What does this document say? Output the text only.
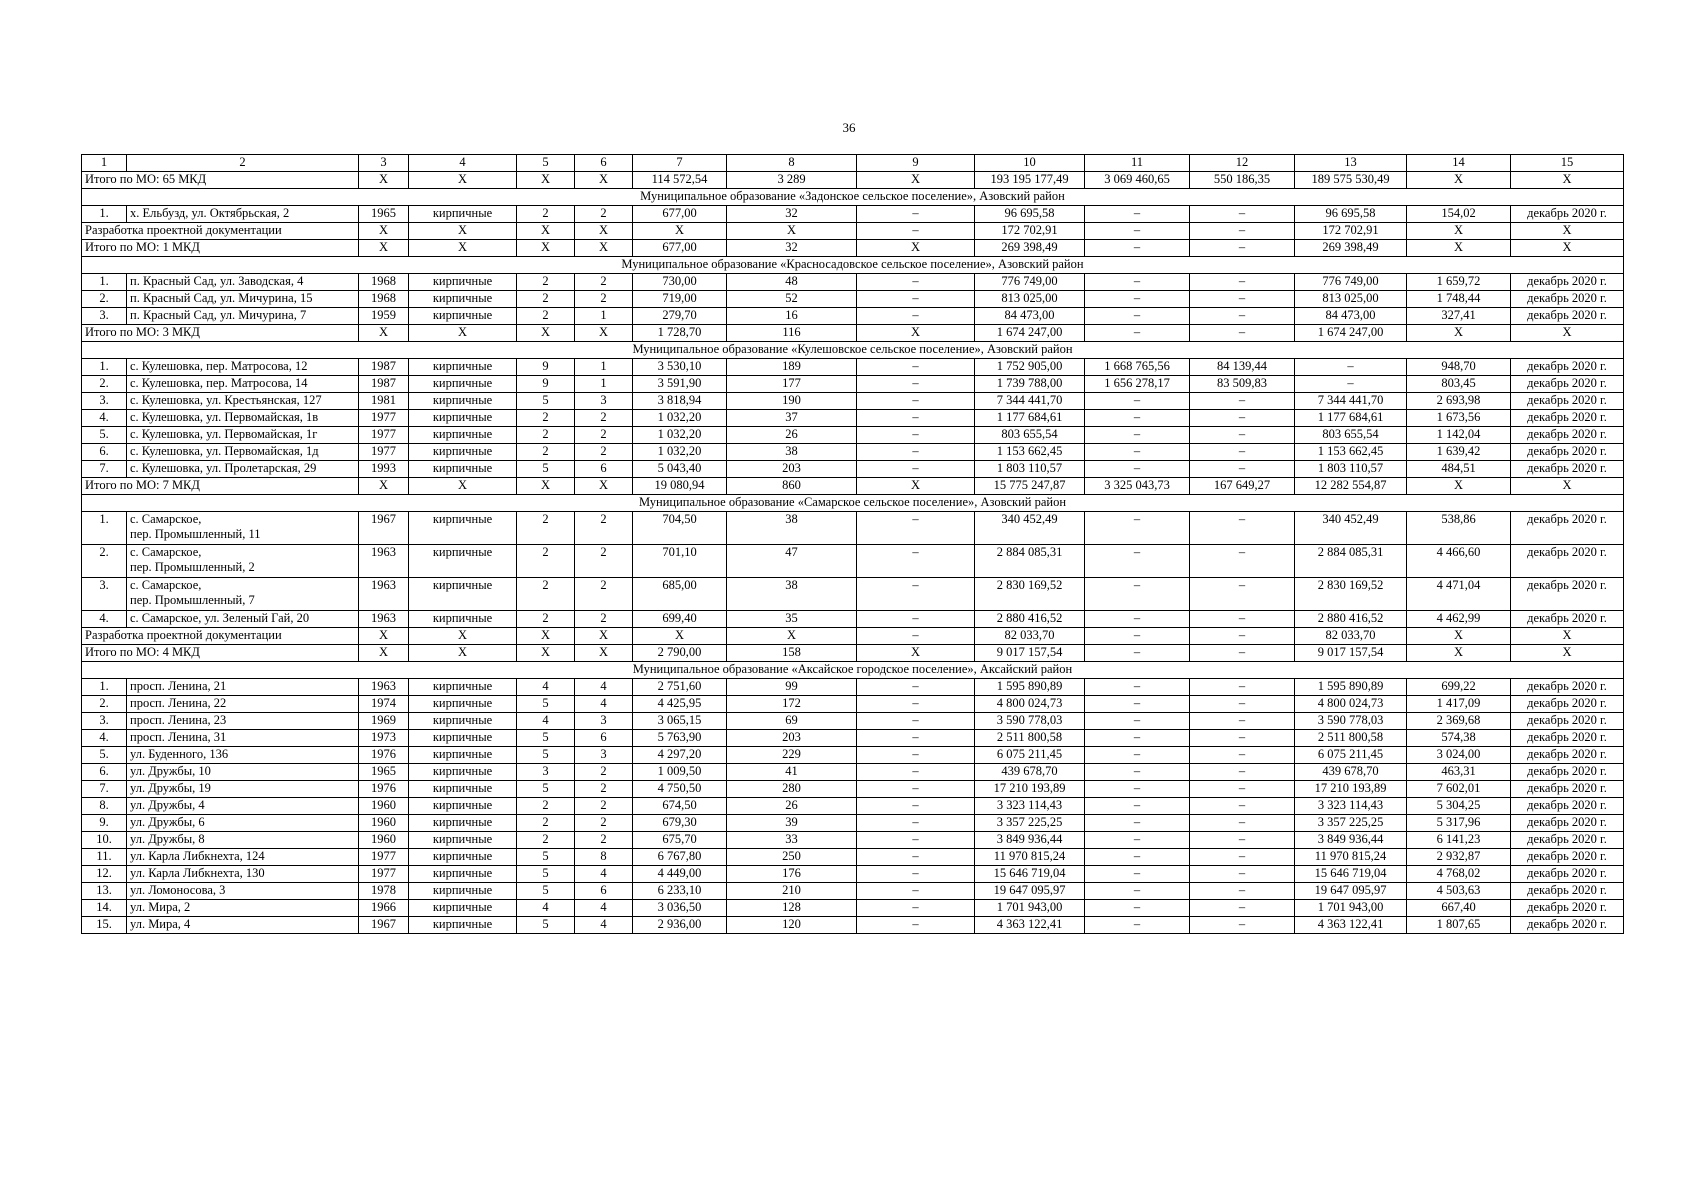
36
1	2	3	4	5	6	7	8	9	10	11	12	13	14	15
Итого по МО: 65 МКД		X	X	X	X	114 572,54	3 289	X	193 195 177,49	3 069 460,65	550 186,35	189 575 530,49	X	X
Муниципальное образование «Задонское сельское поселение», Азовский район														
1.	х. Ельбузд, ул. Октябрьская, 2	1965	кирпичные	2	2	677,00	32	–	96 695,58	–	–	96 695,58	154,02	декабрь 2020 г.
Разработка проектной документации		X	X	X	X	X	X	–	172 702,91	–	–	172 702,91	X	X
Итого по МО: 1 МКД		X	X	X	X	677,00	32	X	269 398,49	–	–	269 398,49	X	X
Муниципальное образование «Красносадовское сельское поселение», Азовский район														
1.	п. Красный Сад, ул. Заводская, 4	1968	кирпичные	2	2	730,00	48	–	776 749,00	–	–	776 749,00	1 659,72	декабрь 2020 г.
2.	п. Красный Сад, ул. Мичурина, 15	1968	кирпичные	2	2	719,00	52	–	813 025,00	–	–	813 025,00	1 748,44	декабрь 2020 г.
3.	п. Красный Сад, ул. Мичурина, 7	1959	кирпичные	2	1	279,70	16	–	84 473,00	–	–	84 473,00	327,41	декабрь 2020 г.
Итого по МО: 3 МКД		X	X	X	X	1 728,70	116	X	1 674 247,00	–	–	1 674 247,00	X	X
Муниципальное образование «Кулешовское сельское поселение», Азовский район														
1.	с. Кулешовка, пер. Матросова, 12	1987	кирпичные	9	1	3 530,10	189	–	1 752 905,00	1 668 765,56	84 139,44	–	948,70	декабрь 2020 г.
2.	с. Кулешовка, пер. Матросова, 14	1987	кирпичные	9	1	3 591,90	177	–	1 739 788,00	1 656 278,17	83 509,83	–	803,45	декабрь 2020 г.
3.	с. Кулешовка, ул. Крестьянская, 127	1981	кирпичные	5	3	3 818,94	190	–	7 344 441,70	–	–	7 344 441,70	2 693,98	декабрь 2020 г.
4.	с. Кулешовка, ул. Первомайская, 1в	1977	кирпичные	2	2	1 032,20	37	–	1 177 684,61	–	–	1 177 684,61	1 673,56	декабрь 2020 г.
5.	с. Кулешовка, ул. Первомайская, 1г	1977	кирпичные	2	2	1 032,20	26	–	803 655,54	–	–	803 655,54	1 142,04	декабрь 2020 г.
6.	с. Кулешовка, ул. Первомайская, 1д	1977	кирпичные	2	2	1 032,20	38	–	1 153 662,45	–	–	1 153 662,45	1 639,42	декабрь 2020 г.
7.	с. Кулешовка, ул. Пролетарская, 29	1993	кирпичные	5	6	5 043,40	203	–	1 803 110,57	–	–	1 803 110,57	484,51	декабрь 2020 г.
Итого по МО: 7 МКД		X	X	X	X	19 080,94	860	X	15 775 247,87	3 325 043,73	167 649,27	12 282 554,87	X	X
Муниципальное образование «Самарское сельское поселение», Азовский район														
1.	с. Самарское,
пер. Промышленный, 11	1967	кирпичные	2	2	704,50	38	–	340 452,49	–	–	340 452,49	538,86	декабрь 2020 г.
2.	с. Самарское,
пер. Промышленный, 2	1963	кирпичные	2	2	701,10	47	–	2 884 085,31	–	–	2 884 085,31	4 466,60	декабрь 2020 г.
3.	с. Самарское,
пер. Промышленный, 7	1963	кирпичные	2	2	685,00	38	–	2 830 169,52	–	–	2 830 169,52	4 471,04	декабрь 2020 г.
4.	с. Самарское, ул. Зеленый Гай, 20	1963	кирпичные	2	2	699,40	35	–	2 880 416,52	–	–	2 880 416,52	4 462,99	декабрь 2020 г.
Разработка проектной документации		X	X	X	X	X	X	–	82 033,70	–	–	82 033,70	X	X
Итого по МО: 4 МКД		X	X	X	X	2 790,00	158	X	9 017 157,54	–	–	9 017 157,54	X	X
Муниципальное образование «Аксайское городское поселение», Аксайский район														
1.	просп. Ленина, 21	1963	кирпичные	4	4	2 751,60	99	–	1 595 890,89	–	–	1 595 890,89	699,22	декабрь 2020 г.
2.	просп. Ленина, 22	1974	кирпичные	5	4	4 425,95	172	–	4 800 024,73	–	–	4 800 024,73	1 417,09	декабрь 2020 г.
3.	просп. Ленина, 23	1969	кирпичные	4	3	3 065,15	69	–	3 590 778,03	–	–	3 590 778,03	2 369,68	декабрь 2020 г.
4.	просп. Ленина, 31	1973	кирпичные	5	6	5 763,90	203	–	2 511 800,58	–	–	2 511 800,58	574,38	декабрь 2020 г.
5.	ул. Буденного, 136	1976	кирпичные	5	3	4 297,20	229	–	6 075 211,45	–	–	6 075 211,45	3 024,00	декабрь 2020 г.
6.	ул. Дружбы, 10	1965	кирпичные	3	2	1 009,50	41	–	439 678,70	–	–	439 678,70	463,31	декабрь 2020 г.
7.	ул. Дружбы, 19	1976	кирпичные	5	2	4 750,50	280	–	17 210 193,89	–	–	17 210 193,89	7 602,01	декабрь 2020 г.
8.	ул. Дружбы, 4	1960	кирпичные	2	2	674,50	26	–	3 323 114,43	–	–	3 323 114,43	5 304,25	декабрь 2020 г.
9.	ул. Дружбы, 6	1960	кирпичные	2	2	679,30	39	–	3 357 225,25	–	–	3 357 225,25	5 317,96	декабрь 2020 г.
10.	ул. Дружбы, 8	1960	кирпичные	2	2	675,70	33	–	3 849 936,44	–	–	3 849 936,44	6 141,23	декабрь 2020 г.
11.	ул. Карла Либкнехта, 124	1977	кирпичные	5	8	6 767,80	250	–	11 970 815,24	–	–	11 970 815,24	2 932,87	декабрь 2020 г.
12.	ул. Карла Либкнехта, 130	1977	кирпичные	5	4	4 449,00	176	–	15 646 719,04	–	–	15 646 719,04	4 768,02	декабрь 2020 г.
13.	ул. Ломоносова, 3	1978	кирпичные	5	6	6 233,10	210	–	19 647 095,97	–	–	19 647 095,97	4 503,63	декабрь 2020 г.
14.	ул. Мира, 2	1966	кирпичные	4	4	3 036,50	128	–	1 701 943,00	–	–	1 701 943,00	667,40	декабрь 2020 г.
15.	ул. Мира, 4	1967	кирпичные	5	4	2 936,00	120	–	4 363 122,41	–	–	4 363 122,41	1 807,65	декабрь 2020 г.
